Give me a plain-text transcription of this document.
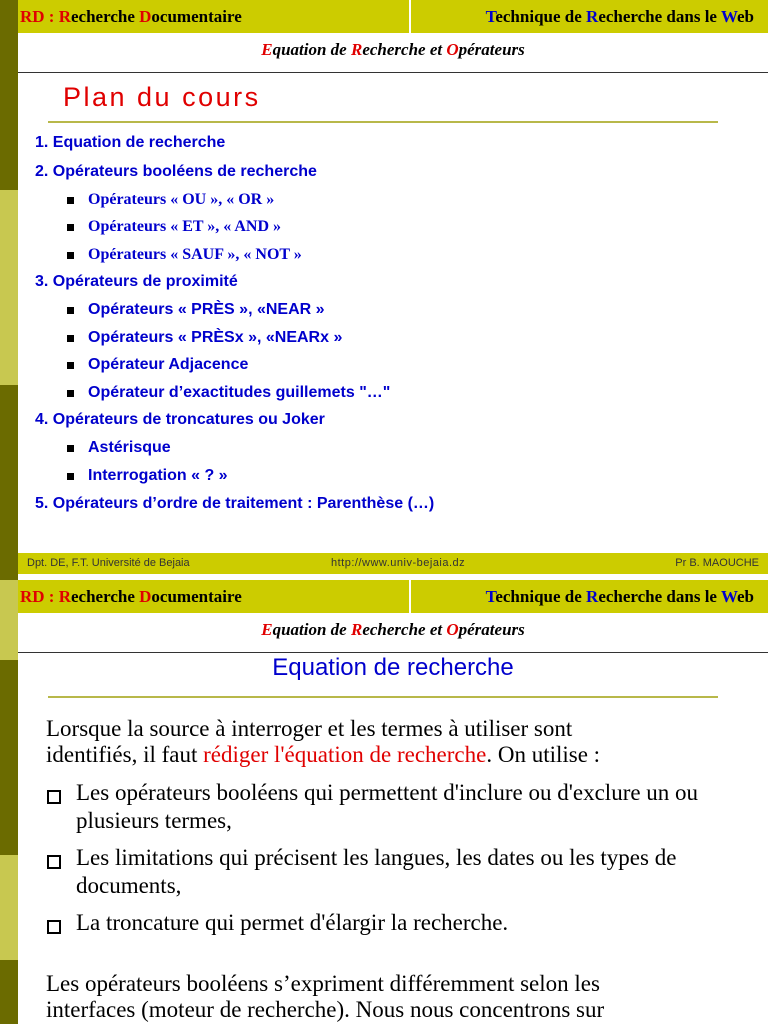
RD : Recherche Documentaire	Technique de Recherche dans le Web
Equation de Recherche et Opérateurs
Plan du cours
1. Equation de recherche
2. Opérateurs booléens de recherche
Opérateurs « OU », « OR »
Opérateurs « ET », « AND »
Opérateurs « SAUF », « NOT »
3. Opérateurs de proximité
Opérateurs « PRÈS », «NEAR »
Opérateurs « PRÈSx », «NEARx »
Opérateur Adjacence
Opérateur d’exactitudes guillemets "…"
4. Opérateurs de troncatures ou Joker
Astérisque
Interrogation « ? »
5. Opérateurs d’ordre de traitement : Parenthèse (…)
Dpt. DE, F.T. Université de Bejaia	http://www.univ-bejaia.dz	Pr B. MAOUCHE
RD : Recherche Documentaire	Technique de Recherche dans le Web
Equation de Recherche et Opérateurs
Equation de recherche
Lorsque la source à interroger et les termes à utiliser sont
identifiés, il faut rédiger l'équation de recherche. On utilise :
Les opérateurs booléens qui permettent d'inclure ou d'exclure un ou plusieurs termes,
Les limitations qui précisent les langues, les dates ou les types de documents,
La troncature qui permet d'élargir la recherche.
Les opérateurs booléens s’expriment différemment selon les
interfaces (moteur de recherche). Nous nous concentrons sur
